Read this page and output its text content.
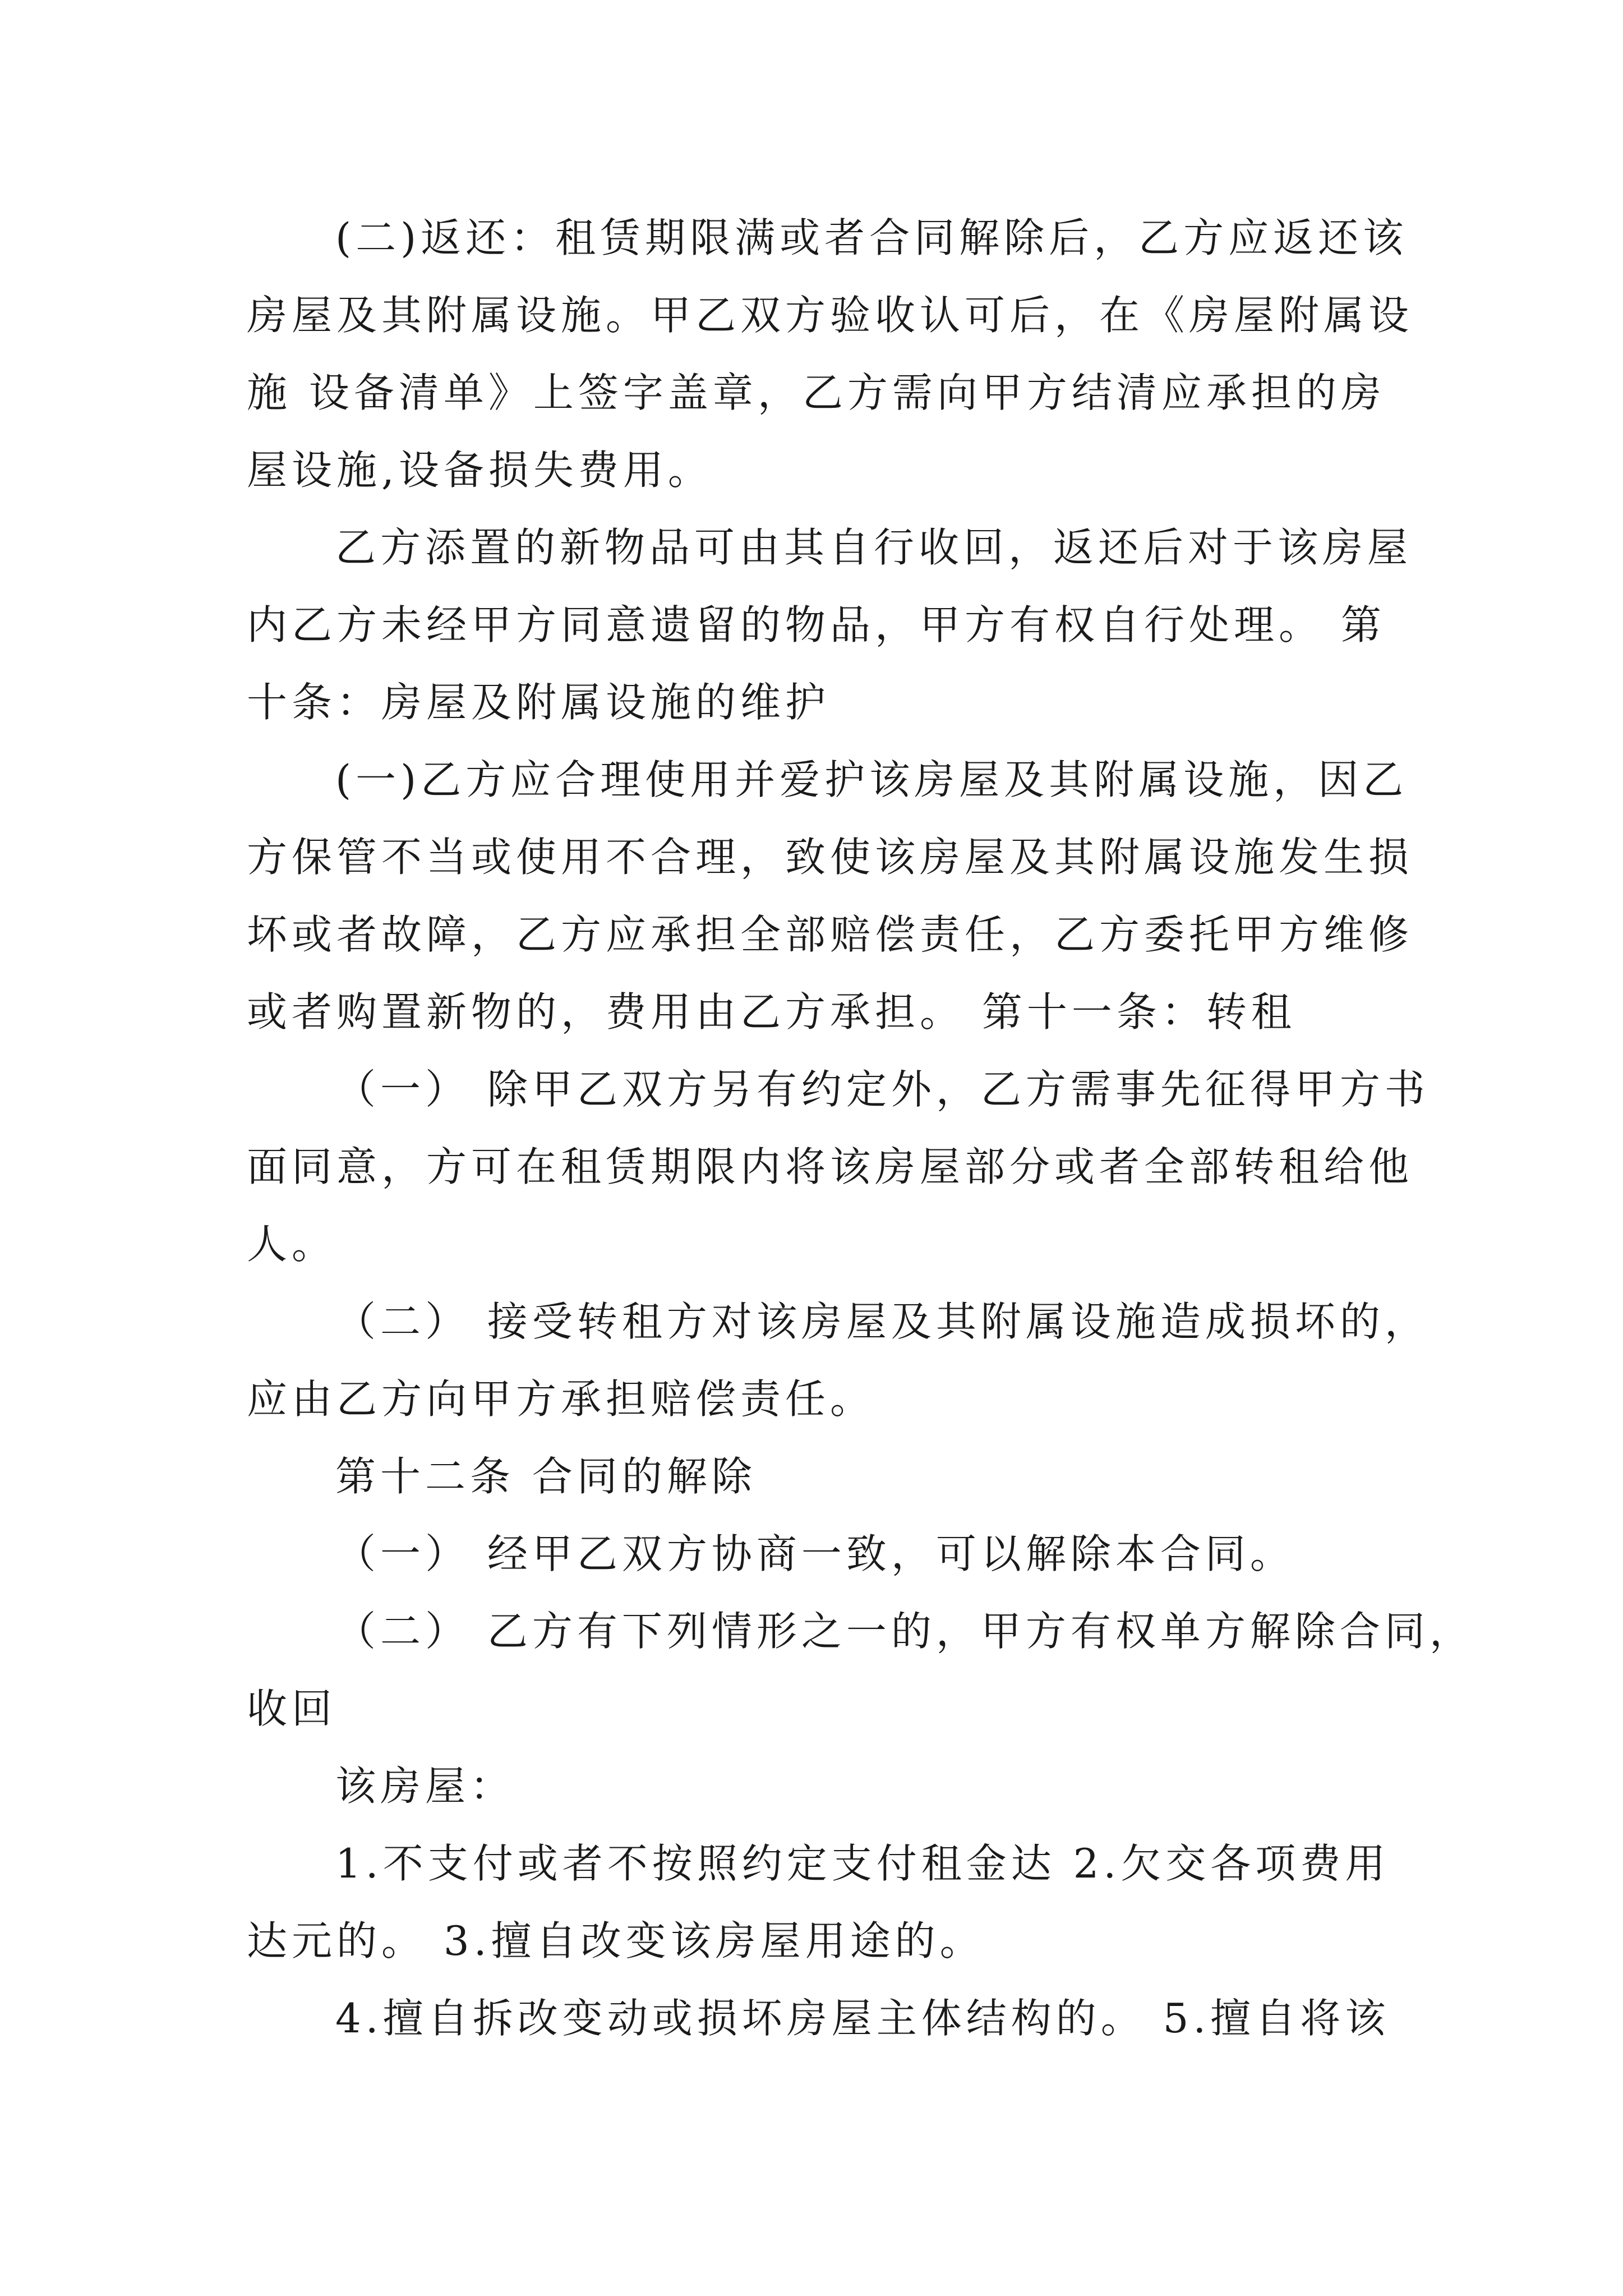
(二)返还：租赁期限满或者合同解除后，乙方应返还该
房屋及其附属设施。甲乙双方验收认可后，在《房屋附属设
施 设备清单》上签字盖章，乙方需向甲方结清应承担的房
屋设施,设备损失费用。
乙方添置的新物品可由其自行收回，返还后对于该房屋
内乙方未经甲方同意遗留的物品，甲方有权自行处理。 第
十条：房屋及附属设施的维护
(一)乙方应合理使用并爱护该房屋及其附属设施，因乙
方保管不当或使用不合理，致使该房屋及其附属设施发生损
坏或者故障，乙方应承担全部赔偿责任，乙方委托甲方维修
或者购置新物的，费用由乙方承担。 第十一条：转租
（一） 除甲乙双方另有约定外，乙方需事先征得甲方书
面同意，方可在租赁期限内将该房屋部分或者全部转租给他
人。
（二） 接受转租方对该房屋及其附属设施造成损坏的，
应由乙方向甲方承担赔偿责任。
第十二条 合同的解除
（一） 经甲乙双方协商一致，可以解除本合同。
（二） 乙方有下列情形之一的，甲方有权单方解除合同，
收回
该房屋：
1.不支付或者不按照约定支付租金达 2.欠交各项费用
达元的。 3.擅自改变该房屋用途的。
4.擅自拆改变动或损坏房屋主体结构的。 5.擅自将该
